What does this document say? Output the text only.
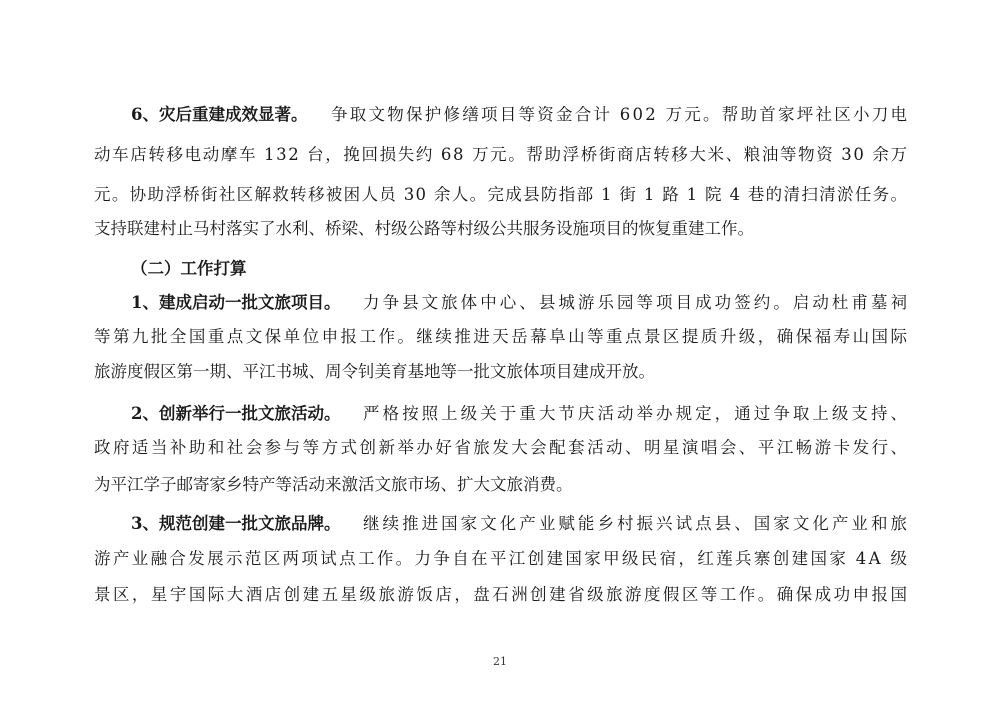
6、灾后重建成效显著。 争取文物保护修缮项目等资金合计 602 万元。帮助首家坪社区小刀电
动车店转移电动摩车 132 台，挽回损失约 68 万元。帮助浮桥街商店转移大米、粮油等物资 30 余万
元。协助浮桥街社区解救转移被困人员 30 余人。完成县防指部 1 街 1 路 1 院 4 巷的清扫清淤任务。
支持联建村止马村落实了水利、桥梁、村级公路等村级公共服务设施项目的恢复重建工作。
（二）工作打算
1、建成启动一批文旅项目。 力争县文旅体中心、县城游乐园等项目成功签约。启动杜甫墓祠
等第九批全国重点文保单位申报工作。继续推进天岳幕阜山等重点景区提质升级，确保福寿山国际
旅游度假区第一期、平江书城、周令钊美育基地等一批文旅体项目建成开放。
2、创新举行一批文旅活动。 严格按照上级关于重大节庆活动举办规定，通过争取上级支持、
政府适当补助和社会参与等方式创新举办好省旅发大会配套活动、明星演唱会、平江畅游卡发行、
为平江学子邮寄家乡特产等活动来激活文旅市场、扩大文旅消费。
3、规范创建一批文旅品牌。 继续推进国家文化产业赋能乡村振兴试点县、国家文化产业和旅
游产业融合发展示范区两项试点工作。力争自在平江创建国家甲级民宿，红莲兵寨创建国家 4A 级
景区，星宇国际大酒店创建五星级旅游饭店，盘石洲创建省级旅游度假区等工作。确保成功申报国
21
